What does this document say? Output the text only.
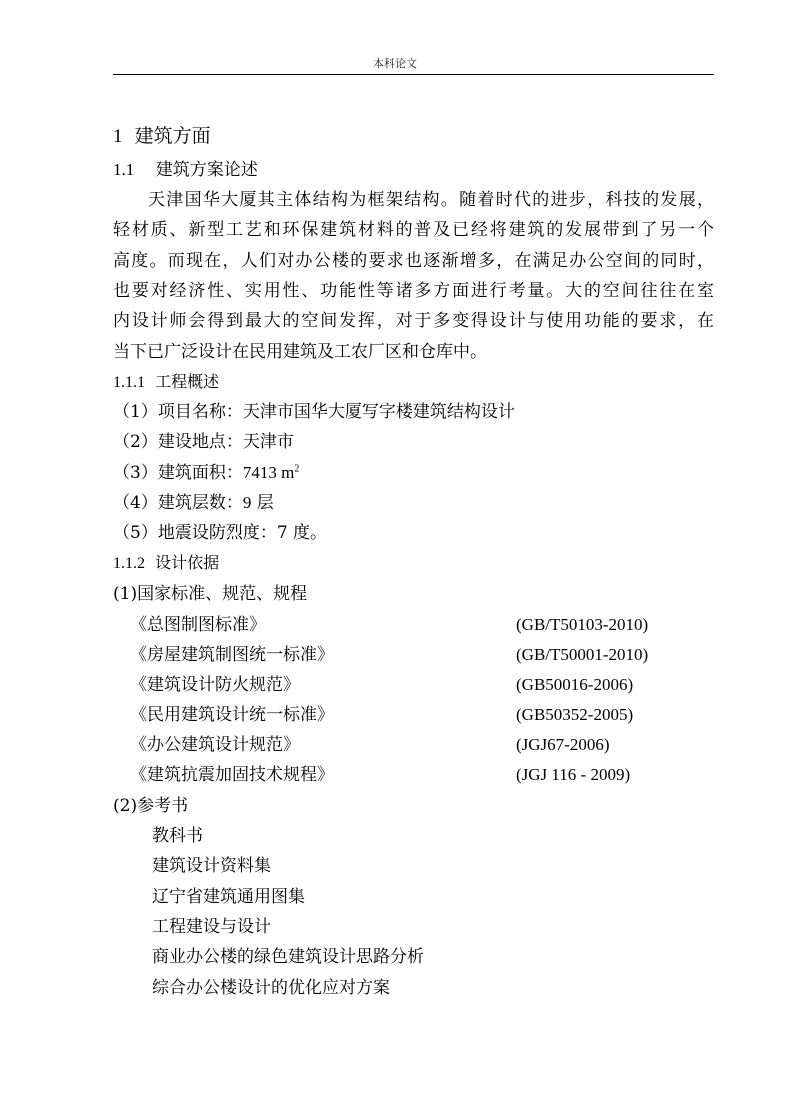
本科论文
1 建筑方面
1.1 建筑方案论述
天津国华大厦其主体结构为框架结构。随着时代的进步，科技的发展，
轻材质、新型工艺和环保建筑材料的普及已经将建筑的发展带到了另一个
高度。而现在，人们对办公楼的要求也逐渐增多，在满足办公空间的同时，
也要对经济性、实用性、功能性等诸多方面进行考量。大的空间往往在室
内设计师会得到最大的空间发挥，对于多变得设计与使用功能的要求，在
当下已广泛设计在民用建筑及工农厂区和仓库中。
1.1.1 工程概述
（1）项目名称：天津市国华大厦写字楼建筑结构设计
（2）建设地点：天津市
（3）建筑面积：7413 $m^2$
（4）建筑层数：9 层
（5）地震设防烈度：7 度。
1.1.2 设计依据
(1)国家标准、规范、规程
《总图制图标准》	(GB/T50103-2010)
《房屋建筑制图统一标准》	(GB/T50001-2010)
《建筑设计防火规范》	(GB50016-2006)
《民用建筑设计统一标准》	(GB50352-2005)
《办公建筑设计规范》	(JGJ67-2006)
《建筑抗震加固技术规程》	(JGJ 116 - 2009)
(2)参考书
教科书
建筑设计资料集
辽宁省建筑通用图集
工程建设与设计
商业办公楼的绿色建筑设计思路分析
综合办公楼设计的优化应对方案
